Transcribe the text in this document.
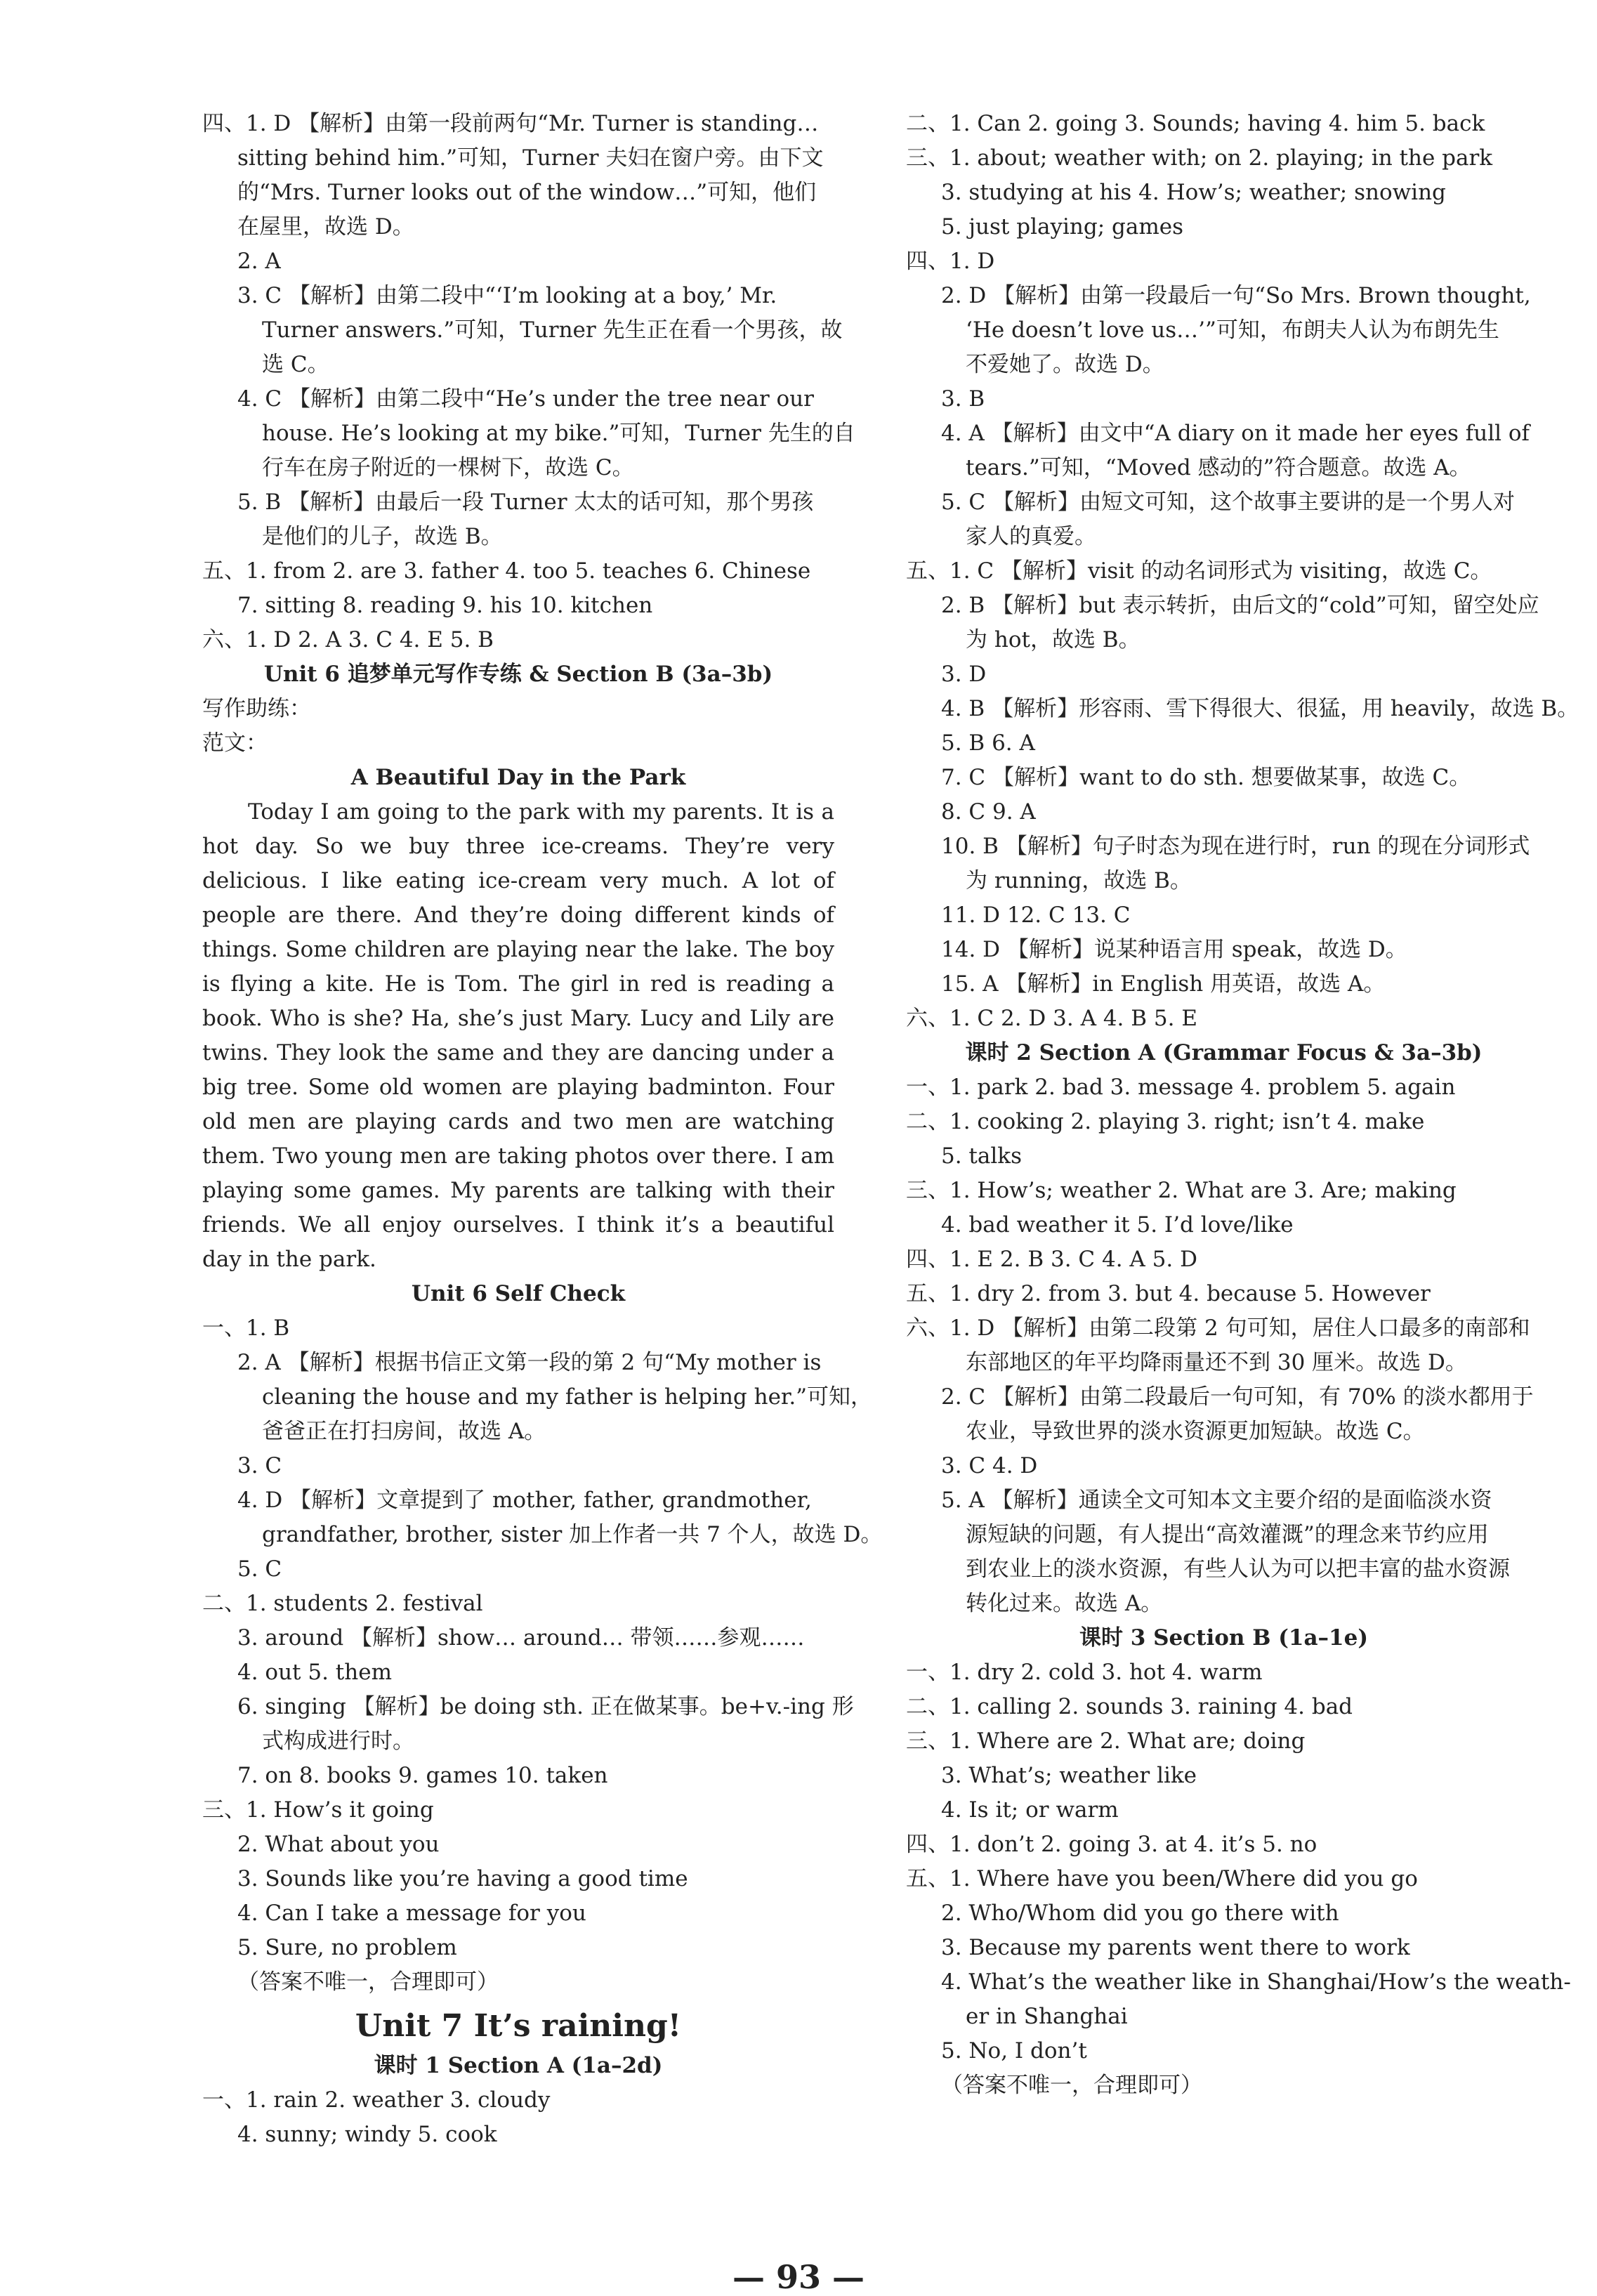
四、1. D 【解析】由第一段前两句“Mr. Turner is standing…
sitting behind him.”可知，Turner 夫妇在窗户旁。由下文
的“Mrs. Turner looks out of the window…”可知，他们
在屋里，故选 D。
2. A
3. C 【解析】由第二段中“‘I’m looking at a boy,’ Mr.
Turner answers.”可知，Turner 先生正在看一个男孩，故
选 C。
4. C 【解析】由第二段中“He’s under the tree near our
house. He’s looking at my bike.”可知，Turner 先生的自
行车在房子附近的一棵树下，故选 C。
5. B 【解析】由最后一段 Turner 太太的话可知，那个男孩
是他们的儿子，故选 B。
五、1. from 2. are 3. father 4. too 5. teaches 6. Chinese
7. sitting 8. reading 9. his 10. kitchen
六、1. D 2. A 3. C 4. E 5. B
Unit 6 追梦单元写作专练 & Section B (3a–3b)
写作助练：
范文：
A Beautiful Day in the Park
Today I am going to the park with my parents. It is a hot day. So we buy three ice-creams. They’re very delicious. I like eating ice-cream very much. A lot of people are there. And they’re doing different kinds of things. Some children are playing near the lake. The boy is flying a kite. He is Tom. The girl in red is reading a book. Who is she? Ha, she’s just Mary. Lucy and Lily are twins. They look the same and they are dancing under a big tree. Some old women are playing badminton. Four old men are playing cards and two men are watching them. Two young men are taking photos over there. I am playing some games. My parents are talking with their friends. We all enjoy ourselves. I think it’s a beautiful day in the park.
Unit 6 Self Check
一、1. B
2. A 【解析】根据书信正文第一段的第 2 句“My mother is
cleaning the house and my father is helping her.”可知，
爸爸正在打扫房间，故选 A。
3. C
4. D 【解析】文章提到了 mother, father, grandmother,
grandfather, brother, sister 加上作者一共 7 个人，故选 D。
5. C
二、1. students 2. festival
3. around 【解析】show… around… 带领……参观……
4. out 5. them
6. singing 【解析】be doing sth. 正在做某事。be+v.-ing 形
式构成进行时。
7. on 8. books 9. games 10. taken
三、1. How’s it going
2. What about you
3. Sounds like you’re having a good time
4. Can I take a message for you
5. Sure, no problem
（答案不唯一，合理即可）
Unit 7 It’s raining!
课时 1 Section A (1a–2d)
一、1. rain 2. weather 3. cloudy
4. sunny; windy 5. cook
二、1. Can 2. going 3. Sounds; having 4. him 5. back
三、1. about; weather with; on 2. playing; in the park
3. studying at his 4. How’s; weather; snowing
5. just playing; games
四、1. D
2. D 【解析】由第一段最后一句“So Mrs. Brown thought,
‘He doesn’t love us…’”可知，布朗夫人认为布朗先生
不爱她了。故选 D。
3. B
4. A 【解析】由文中“A diary on it made her eyes full of
tears.”可知，“Moved 感动的”符合题意。故选 A。
5. C 【解析】由短文可知，这个故事主要讲的是一个男人对
家人的真爱。
五、1. C 【解析】visit 的动名词形式为 visiting，故选 C。
2. B 【解析】but 表示转折，由后文的“cold”可知，留空处应
为 hot，故选 B。
3. D
4. B 【解析】形容雨、雪下得很大、很猛，用 heavily，故选 B。
5. B 6. A
7. C 【解析】want to do sth. 想要做某事，故选 C。
8. C 9. A
10. B 【解析】句子时态为现在进行时，run 的现在分词形式
为 running，故选 B。
11. D 12. C 13. C
14. D 【解析】说某种语言用 speak，故选 D。
15. A 【解析】in English 用英语，故选 A。
六、1. C 2. D 3. A 4. B 5. E
课时 2 Section A (Grammar Focus & 3a–3b)
一、1. park 2. bad 3. message 4. problem 5. again
二、1. cooking 2. playing 3. right; isn’t 4. make
5. talks
三、1. How’s; weather 2. What are 3. Are; making
4. bad weather it 5. I’d love/like
四、1. E 2. B 3. C 4. A 5. D
五、1. dry 2. from 3. but 4. because 5. However
六、1. D 【解析】由第二段第 2 句可知，居住人口最多的南部和
东部地区的年平均降雨量还不到 30 厘米。故选 D。
2. C 【解析】由第二段最后一句可知，有 70% 的淡水都用于
农业，导致世界的淡水资源更加短缺。故选 C。
3. C 4. D
5. A 【解析】通读全文可知本文主要介绍的是面临淡水资
源短缺的问题，有人提出“高效灌溉”的理念来节约应用
到农业上的淡水资源，有些人认为可以把丰富的盐水资源
转化过来。故选 A。
课时 3 Section B (1a–1e)
一、1. dry 2. cold 3. hot 4. warm
二、1. calling 2. sounds 3. raining 4. bad
三、1. Where are 2. What are; doing
3. What’s; weather like
4. Is it; or warm
四、1. don’t 2. going 3. at 4. it’s 5. no
五、1. Where have you been/Where did you go
2. Who/Whom did you go there with
3. Because my parents went there to work
4. What’s the weather like in Shanghai/How’s the weath-
er in Shanghai
5. No, I don’t
（答案不唯一，合理即可）
— 93 —
